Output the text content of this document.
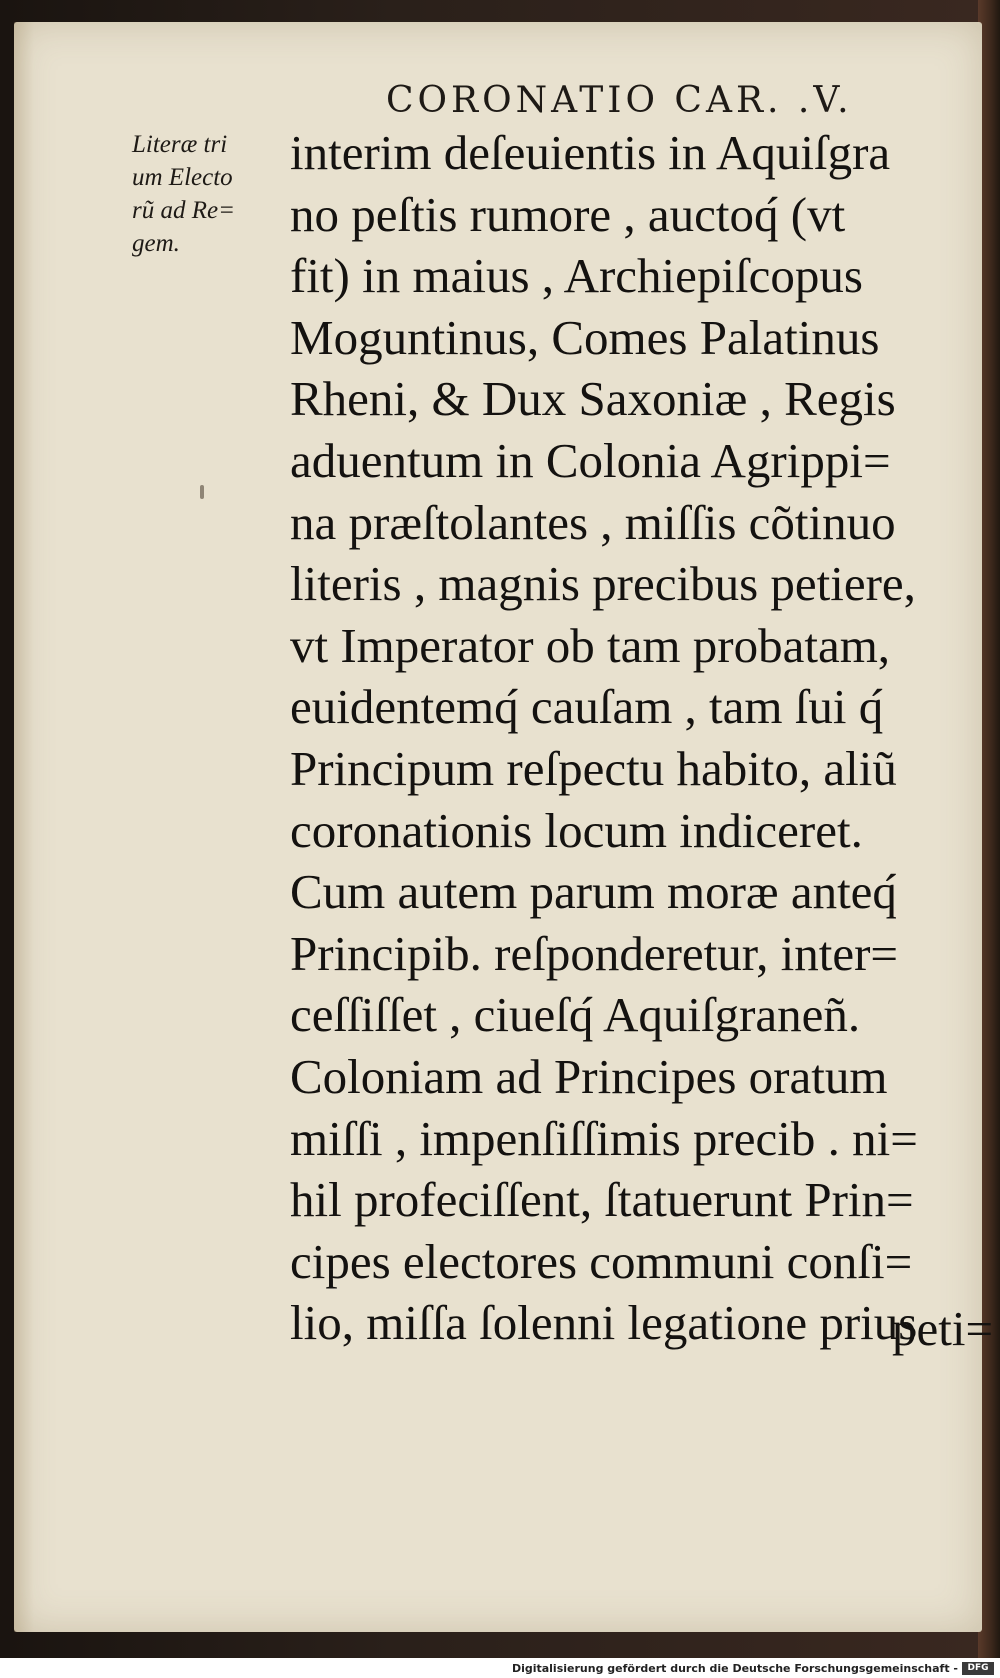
CORONATIO CAR. .V.
Literæ tri
um Electo
rũ ad Re=
gem.
interim deſeuientis in Aquiſgra
no peſtis rumore , auctoq́ (vt
fit) in maius , Archiepiſcopus
Moguntinus, Comes Palatinus
Rheni, & Dux Saxoniæ , Regis
aduentum in Colonia Agrippi=
na præſtolantes , miſſis cõtinuo
literis , magnis precibus petiere,
vt Imperator ob tam probatam,
euidentemq́ cauſam , tam ſui q́
Principum reſpectu habito, aliũ
coronationis locum indiceret.
Cum autem parum moræ anteq́
Principib. reſponderetur, inter=
ceſſiſſet , ciueſq́ Aquiſgraneñ.
Coloniam ad Principes oratum
miſſi , impenſiſſimis precib . ni=
hil profeciſſent, ſtatuerunt Prin=
cipes electores communi conſi=
lio, miſſa ſolenni legatione prius
peti=
Digitalisierung gefördert durch die Deutsche Forschungsgemeinschaft -	DFG
